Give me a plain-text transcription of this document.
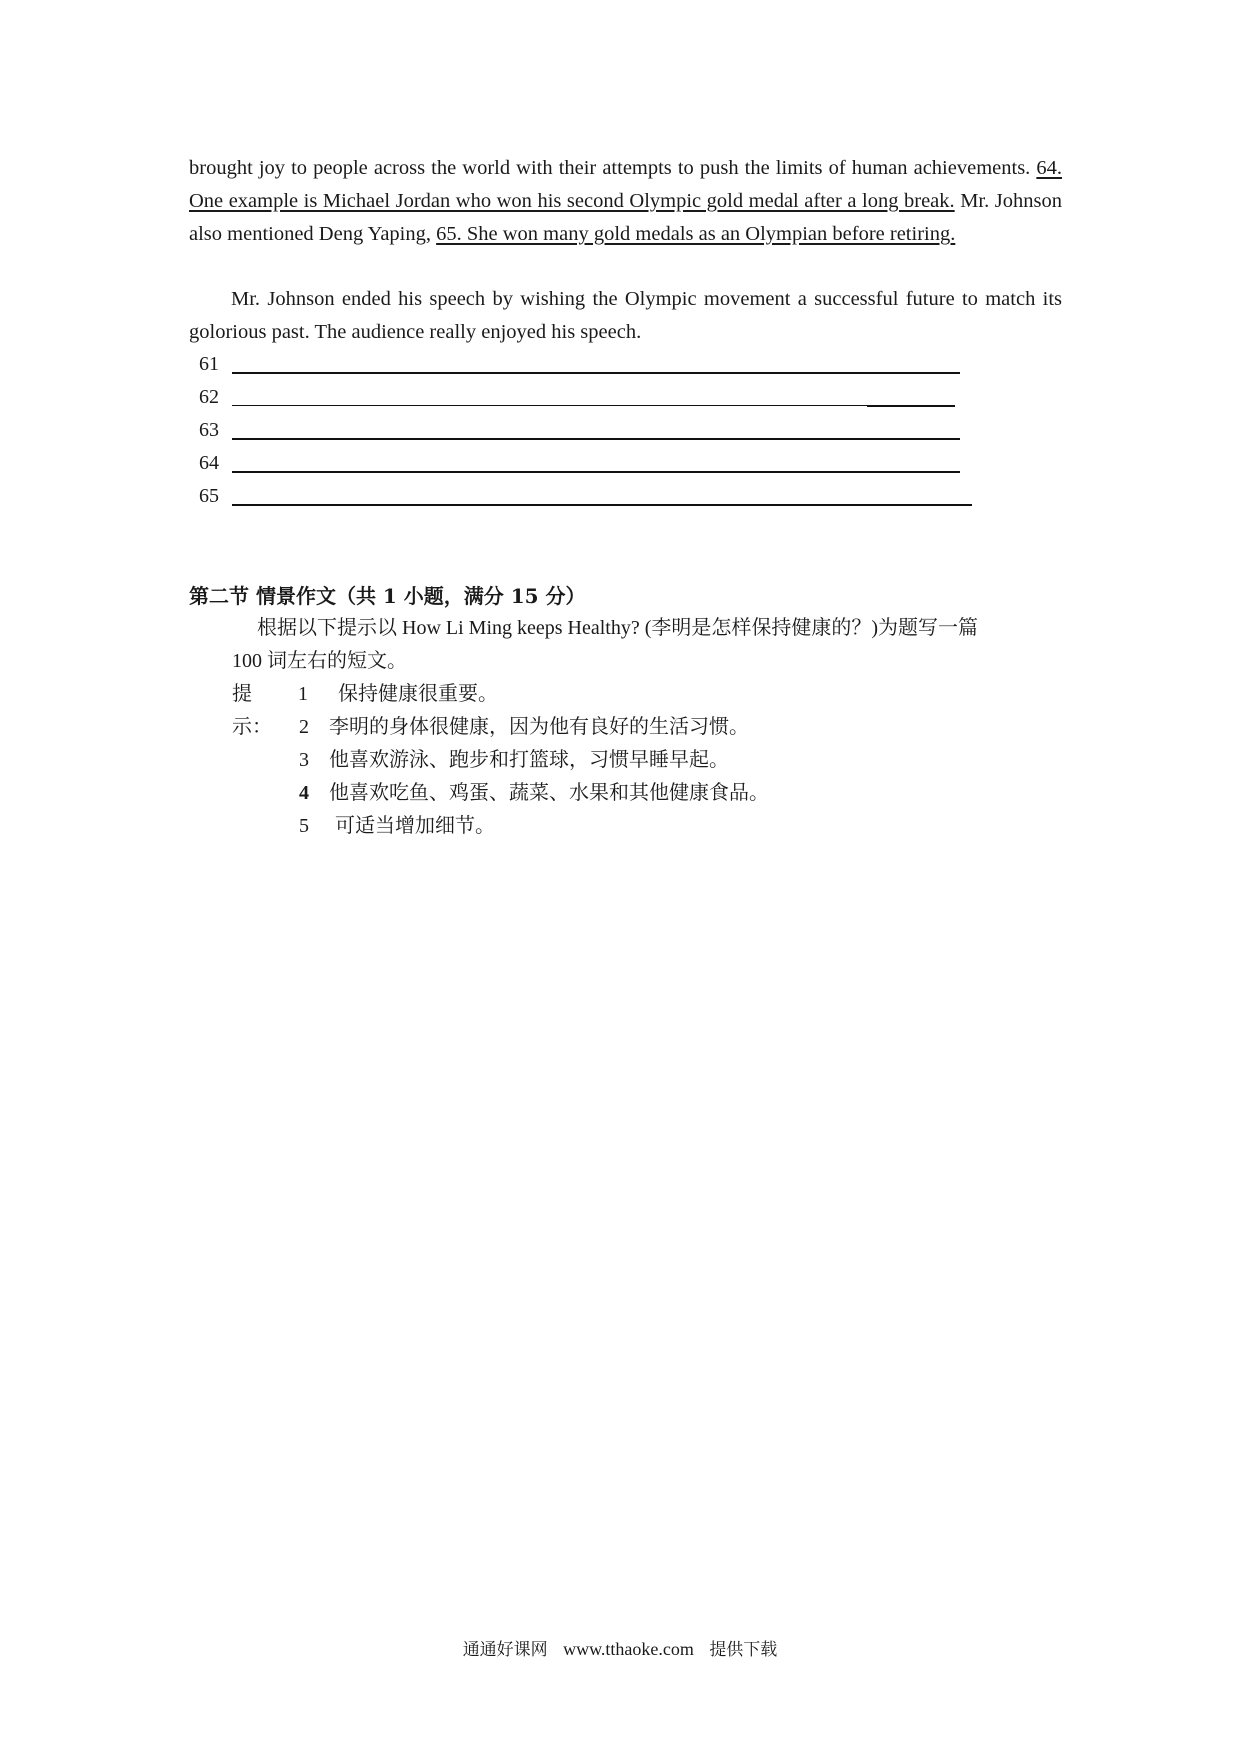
brought joy to people across the world with their attempts to push the limits of human achievements. 64. One example is Michael Jordan who won his second Olympic gold medal after a long break. Mr. Johnson also mentioned Deng Yaping, 65. She won many gold medals as an Olympian before retiring.
Mr. Johnson ended his speech by wishing the Olympic movement a successful future to match its golorious past. The audience really enjoyed his speech.
61
62
63
64
65
第二节 情景作文（共 1 小题，满分 15 分）
根据以下提示以 How Li Ming keeps Healthy? (李明是怎样保持健康的？)为题写一篇
100 词左右的短文。
提示：
1 保持健康很重要。
2 李明的身体很健康，因为他有良好的生活习惯。
3 他喜欢游泳、跑步和打篮球，习惯早睡早起。
4 他喜欢吃鱼、鸡蛋、蔬菜、水果和其他健康食品。
5 可适当增加细节。
通通好课网 www.tthaoke.com 提供下载
